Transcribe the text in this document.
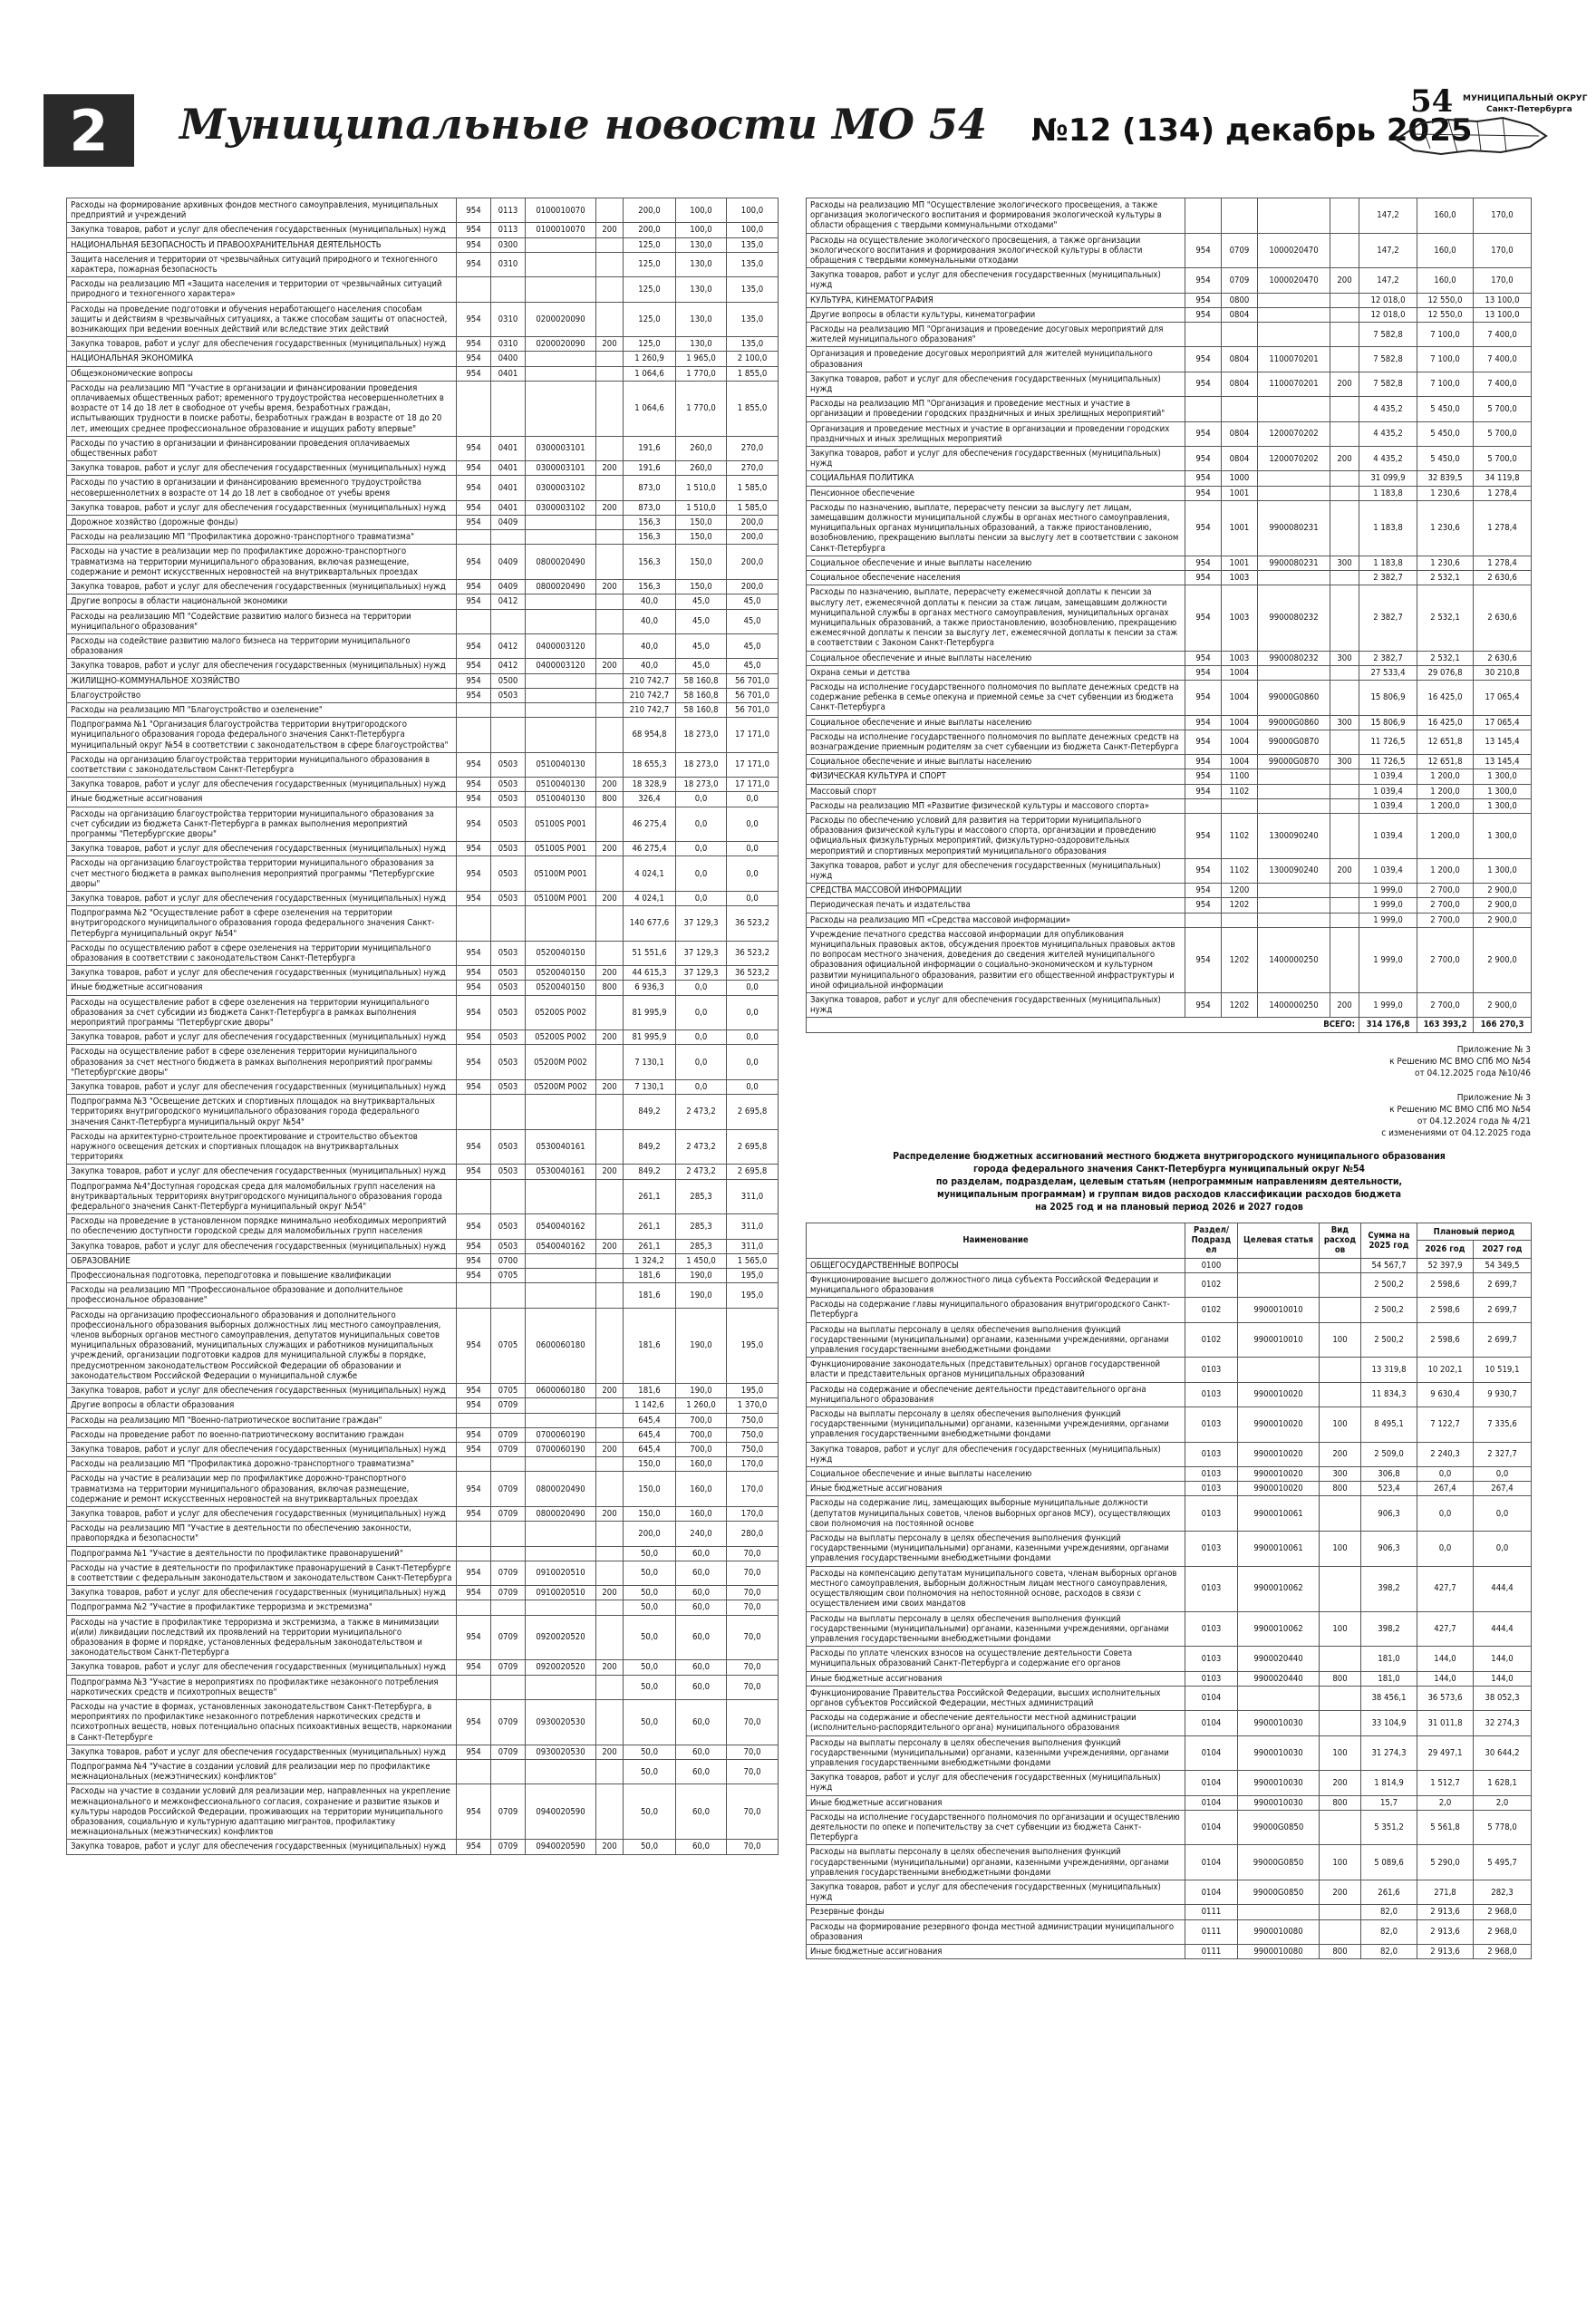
2	Муниципальные новости МО 54 №12 (134) декабрь 2025
54 МУНИЦИПАЛЬНЫЙ ОКРУГ
Санкт-Петербурга
Расходы на формирование архивных фондов местного самоуправления, муниципальных предприятий и учреждений	954	0113	0100010070		200,0	100,0	100,0
Закупка товаров, работ и услуг для обеспечения государственных (муниципальных) нужд	954	0113	0100010070	200	200,0	100,0	100,0
НАЦИОНАЛЬНАЯ БЕЗОПАСНОСТЬ И ПРАВООХРАНИТЕЛЬНАЯ ДЕЯТЕЛЬНОСТЬ	954	0300			125,0	130,0	135,0
Защита населения и территории от чрезвычайных ситуаций природного и техногенного характера, пожарная безопасность	954	0310			125,0	130,0	135,0
Расходы на реализацию МП «Защита населения и территории от чрезвычайных ситуаций природного и техногенного характера»					125,0	130,0	135,0
Расходы на проведение подготовки и обучения неработающего населения способам защиты и действиям в чрезвычайных ситуациях, а также способам защиты от опасностей, возникающих при ведении военных действий или вследствие этих действий	954	0310	0200020090		125,0	130,0	135,0
Закупка товаров, работ и услуг для обеспечения государственных (муниципальных) нужд	954	0310	0200020090	200	125,0	130,0	135,0
НАЦИОНАЛЬНАЯ ЭКОНОМИКА	954	0400			1 260,9	1 965,0	2 100,0
Общеэкономические вопросы	954	0401			1 064,6	1 770,0	1 855,0
Расходы на реализацию МП "Участие в организации и финансировании проведения оплачиваемых общественных работ; временного трудоустройства несовершеннолетних в возрасте от 14 до 18 лет в свободное от учебы время, безработных граждан, испытывающих трудности в поиске работы, безработных граждан в возрасте от 18 до 20 лет, имеющих среднее профессиональное образование и ищущих работу впервые"					1 064,6	1 770,0	1 855,0
Расходы по участию в организации и финансировании проведения оплачиваемых общественных работ	954	0401	0300003101		191,6	260,0	270,0
Закупка товаров, работ и услуг для обеспечения государственных (муниципальных) нужд	954	0401	0300003101	200	191,6	260,0	270,0
Расходы по участию в организации и финансированию временного трудоустройства несовершеннолетних в возрасте от 14 до 18 лет в свободное от учебы время	954	0401	0300003102		873,0	1 510,0	1 585,0
Закупка товаров, работ и услуг для обеспечения государственных (муниципальных) нужд	954	0401	0300003102	200	873,0	1 510,0	1 585,0
Дорожное хозяйство (дорожные фонды)	954	0409			156,3	150,0	200,0
Расходы на реализацию МП "Профилактика дорожно-транспортного травматизма"					156,3	150,0	200,0
Расходы на участие в реализации мер по профилактике дорожно-транспортного травматизма на территории муниципального образования, включая размещение, содержание и ремонт искусственных неровностей на внутриквартальных проездах	954	0409	0800020490		156,3	150,0	200,0
Закупка товаров, работ и услуг для обеспечения государственных (муниципальных) нужд	954	0409	0800020490	200	156,3	150,0	200,0
Другие вопросы в области национальной экономики	954	0412			40,0	45,0	45,0
Расходы на реализацию МП "Содействие развитию малого бизнеса на территории муниципального образования"					40,0	45,0	45,0
Расходы на содействие развитию малого бизнеса на территории муниципального образования	954	0412	0400003120		40,0	45,0	45,0
Закупка товаров, работ и услуг для обеспечения государственных (муниципальных) нужд	954	0412	0400003120	200	40,0	45,0	45,0
ЖИЛИЩНО-КОММУНАЛЬНОЕ ХОЗЯЙСТВО	954	0500			210 742,7	58 160,8	56 701,0
Благоустройство	954	0503			210 742,7	58 160,8	56 701,0
Расходы на реализацию МП "Благоустройство и озеленение"					210 742,7	58 160,8	56 701,0
Подпрограмма №1 "Организация благоустройства территории внутригородского муниципального образования города федерального значения Санкт-Петербурга муниципальный округ №54 в соответствии с законодательством в сфере благоустройства"					68 954,8	18 273,0	17 171,0
Расходы на организацию благоустройства территории муниципального образования в соответствии с законодательством Санкт-Петербурга	954	0503	0510040130		18 655,3	18 273,0	17 171,0
Закупка товаров, работ и услуг для обеспечения государственных (муниципальных) нужд	954	0503	0510040130	200	18 328,9	18 273,0	17 171,0
Иные бюджетные ассигнования	954	0503	0510040130	800	326,4	0,0	0,0
Расходы на организацию благоустройства территории муниципального образования за счет субсидии из бюджета Санкт-Петербурга в рамках выполнения мероприятий программы "Петербургские дворы"	954	0503	05100S P001		46 275,4	0,0	0,0
Закупка товаров, работ и услуг для обеспечения государственных (муниципальных) нужд	954	0503	05100S P001	200	46 275,4	0,0	0,0
Расходы на организацию благоустройства территории муниципального образования за счет местного бюджета в рамках выполнения мероприятий программы "Петербургские дворы"	954	0503	05100M P001		4 024,1	0,0	0,0
Закупка товаров, работ и услуг для обеспечения государственных (муниципальных) нужд	954	0503	05100M P001	200	4 024,1	0,0	0,0
Подпрограмма №2 "Осуществление работ в сфере озеленения на территории внутригородского муниципального образования города федерального значения Санкт-Петербурга муниципальный округ №54"					140 677,6	37 129,3	36 523,2
Расходы по осуществлению работ в сфере озеленения на территории муниципального образования в соответствии с законодательством Санкт-Петербурга	954	0503	0520040150		51 551,6	37 129,3	36 523,2
Закупка товаров, работ и услуг для обеспечения государственных (муниципальных) нужд	954	0503	0520040150	200	44 615,3	37 129,3	36 523,2
Иные бюджетные ассигнования	954	0503	0520040150	800	6 936,3	0,0	0,0
Расходы на осуществление работ в сфере озеленения на территории муниципального образования за счет субсидии из бюджета Санкт-Петербурга в рамках выполнения мероприятий программы "Петербургские дворы"	954	0503	05200S P002		81 995,9	0,0	0,0
Закупка товаров, работ и услуг для обеспечения государственных (муниципальных) нужд	954	0503	05200S P002	200	81 995,9	0,0	0,0
Расходы на осуществление работ в сфере озеленения территории муниципального образования за счет местного бюджета в рамках выполнения мероприятий программы "Петербургские дворы"	954	0503	05200M P002		7 130,1	0,0	0,0
Закупка товаров, работ и услуг для обеспечения государственных (муниципальных) нужд	954	0503	05200M P002	200	7 130,1	0,0	0,0
Подпрограмма №3 "Освещение детских и спортивных площадок на внутриквартальных территориях внутригородского муниципального образования города федерального значения Санкт-Петербурга муниципальный округ №54"					849,2	2 473,2	2 695,8
Расходы на архитектурно-строительное проектирование и строительство объектов наружного освещения детских и спортивных площадок на внутриквартальных территориях	954	0503	0530040161		849,2	2 473,2	2 695,8
Закупка товаров, работ и услуг для обеспечения государственных (муниципальных) нужд	954	0503	0530040161	200	849,2	2 473,2	2 695,8
Подпрограмма №4"Доступная городская среда для маломобильных групп населения на внутриквартальных территориях внутригородского муниципального образования города федерального значения Санкт-Петербурга муниципальный округ №54"					261,1	285,3	311,0
Расходы на проведение в установленном порядке минимально необходимых мероприятий по обеспечению доступности городской среды для маломобильных групп населения	954	0503	0540040162		261,1	285,3	311,0
Закупка товаров, работ и услуг для обеспечения государственных (муниципальных) нужд	954	0503	0540040162	200	261,1	285,3	311,0
ОБРАЗОВАНИЕ	954	0700			1 324,2	1 450,0	1 565,0
Профессиональная подготовка, переподготовка и повышение квалификации	954	0705			181,6	190,0	195,0
Расходы на реализацию МП "Профессиональное образование и дополнительное профессиональное образование"					181,6	190,0	195,0
Расходы на организацию профессионального образования и дополнительного профессионального образования выборных должностных лиц местного самоуправления, членов выборных органов местного самоуправления, депутатов муниципальных советов муниципальных образований, муниципальных служащих и работников муниципальных учреждений, организации подготовки кадров для муниципальной службы в порядке, предусмотренном законодательством Российской Федерации об образовании и законодательством Российской Федерации о муниципальной службе	954	0705	0600060180		181,6	190,0	195,0
Закупка товаров, работ и услуг для обеспечения государственных (муниципальных) нужд	954	0705	0600060180	200	181,6	190,0	195,0
Другие вопросы в области образования	954	0709			1 142,6	1 260,0	1 370,0
Расходы на реализацию МП "Военно-патриотическое воспитание граждан"					645,4	700,0	750,0
Расходы на проведение работ по военно-патриотическому воспитанию граждан	954	0709	0700060190		645,4	700,0	750,0
Закупка товаров, работ и услуг для обеспечения государственных (муниципальных) нужд	954	0709	0700060190	200	645,4	700,0	750,0
Расходы на реализацию МП "Профилактика дорожно-транспортного травматизма"					150,0	160,0	170,0
Расходы на участие в реализации мер по профилактике дорожно-транспортного травматизма на территории муниципального образования, включая размещение, содержание и ремонт искусственных неровностей на внутриквартальных проездах	954	0709	0800020490		150,0	160,0	170,0
Закупка товаров, работ и услуг для обеспечения государственных (муниципальных) нужд	954	0709	0800020490	200	150,0	160,0	170,0
Расходы на реализацию МП "Участие в деятельности по обеспечению законности, правопорядка и безопасности"					200,0	240,0	280,0
Подпрограмма №1 "Участие в деятельности по профилактике правонарушений"					50,0	60,0	70,0
Расходы на участие в деятельности по профилактике правонарушений в Санкт-Петербурге в соответствии с федеральным законодательством и законодательством Санкт-Петербурга	954	0709	0910020510		50,0	60,0	70,0
Закупка товаров, работ и услуг для обеспечения государственных (муниципальных) нужд	954	0709	0910020510	200	50,0	60,0	70,0
Подпрограмма №2 "Участие в профилактике терроризма и экстремизма"					50,0	60,0	70,0
Расходы на участие в профилактике терроризма и экстремизма, а также в минимизации и(или) ликвидации последствий их проявлений на территории муниципального образования в форме и порядке, установленных федеральным законодательством и законодательством Санкт-Петербурга	954	0709	0920020520		50,0	60,0	70,0
Закупка товаров, работ и услуг для обеспечения государственных (муниципальных) нужд	954	0709	0920020520	200	50,0	60,0	70,0
Подпрограмма №3 "Участие в мероприятиях по профилактике незаконного потребления наркотических средств и психотропных веществ"					50,0	60,0	70,0
Расходы на участие в формах, установленных законодательством Санкт-Петербурга, в мероприятиях по профилактике незаконного потребления наркотических средств и психотропных веществ, новых потенциально опасных психоактивных веществ, наркомании в Санкт-Петербурге	954	0709	0930020530		50,0	60,0	70,0
Закупка товаров, работ и услуг для обеспечения государственных (муниципальных) нужд	954	0709	0930020530	200	50,0	60,0	70,0
Подпрограмма №4 "Участие в создании условий для реализации мер по профилактике межнациональных (межэтнических) конфликтов"					50,0	60,0	70,0
Расходы на участие в создании условий для реализации мер, направленных на укрепление межнационального и межконфессионального согласия, сохранение и развитие языков и культуры народов Российской Федерации, проживающих на территории муниципального образования, социальную и культурную адаптацию мигрантов, профилактику межнациональных (межэтнических) конфликтов	954	0709	0940020590		50,0	60,0	70,0
Закупка товаров, работ и услуг для обеспечения государственных (муниципальных) нужд	954	0709	0940020590	200	50,0	60,0	70,0
Расходы на реализацию МП "Осуществление экологического просвещения, а также организация экологического воспитания и формирования экологической культуры в области обращения с твердыми коммунальными отходами"					147,2	160,0	170,0
Расходы на осуществление экологического просвещения, а также организации экологического воспитания и формирования экологической культуры в области обращения с твердыми коммунальными отходами	954	0709	1000020470		147,2	160,0	170,0
Закупка товаров, работ и услуг для обеспечения государственных (муниципальных) нужд	954	0709	1000020470	200	147,2	160,0	170,0
КУЛЬТУРА, КИНЕМАТОГРАФИЯ	954	0800			12 018,0	12 550,0	13 100,0
Другие вопросы в области культуры, кинематографии	954	0804			12 018,0	12 550,0	13 100,0
Расходы на реализацию МП "Организация и проведение досуговых мероприятий для жителей муниципального образования"					7 582,8	7 100,0	7 400,0
Организация и проведение досуговых мероприятий для жителей муниципального образования	954	0804	1100070201		7 582,8	7 100,0	7 400,0
Закупка товаров, работ и услуг для обеспечения государственных (муниципальных) нужд	954	0804	1100070201	200	7 582,8	7 100,0	7 400,0
Расходы на реализацию МП "Организация и проведение местных и участие в организации и проведении городских праздничных и иных зрелищных мероприятий"					4 435,2	5 450,0	5 700,0
Организация и проведение местных и участие в организации и проведении городских праздничных и иных зрелищных мероприятий	954	0804	1200070202		4 435,2	5 450,0	5 700,0
Закупка товаров, работ и услуг для обеспечения государственных (муниципальных) нужд	954	0804	1200070202	200	4 435,2	5 450,0	5 700,0
СОЦИАЛЬНАЯ ПОЛИТИКА	954	1000			31 099,9	32 839,5	34 119,8
Пенсионное обеспечение	954	1001			1 183,8	1 230,6	1 278,4
Расходы по назначению, выплате, перерасчету пенсии за выслугу лет лицам, замещавшим должности муниципальной службы в органах местного самоуправления, муниципальных органах муниципальных образований, а также приостановлению, возобновлению, прекращению выплаты пенсии за выслугу лет в соответствии с законом Санкт-Петербурга	954	1001	9900080231		1 183,8	1 230,6	1 278,4
Социальное обеспечение и иные выплаты населению	954	1001	9900080231	300	1 183,8	1 230,6	1 278,4
Социальное обеспечение населения	954	1003			2 382,7	2 532,1	2 630,6
Расходы по назначению, выплате, перерасчету ежемесячной доплаты к пенсии за выслугу лет, ежемесячной доплаты к пенсии за стаж лицам, замещавшим должности муниципальной службы в органах местного самоуправления, муниципальных органах муниципальных образований, а также приостановлению, возобновлению, прекращению ежемесячной доплаты к пенсии за выслугу лет, ежемесячной доплаты к пенсии за стаж в соответствии с Законом Санкт-Петербурга	954	1003	9900080232		2 382,7	2 532,1	2 630,6
Социальное обеспечение и иные выплаты населению	954	1003	9900080232	300	2 382,7	2 532,1	2 630,6
Охрана семьи и детства	954	1004			27 533,4	29 076,8	30 210,8
Расходы на исполнение государственного полномочия по выплате денежных средств на содержание ребенка в семье опекуна и приемной семье за счет субвенции из бюджета Санкт-Петербурга	954	1004	99000G0860		15 806,9	16 425,0	17 065,4
Социальное обеспечение и иные выплаты населению	954	1004	99000G0860	300	15 806,9	16 425,0	17 065,4
Расходы на исполнение государственного полномочия по выплате денежных средств на вознаграждение приемным родителям за счет субвенции из бюджета Санкт-Петербурга	954	1004	99000G0870		11 726,5	12 651,8	13 145,4
Социальное обеспечение и иные выплаты населению	954	1004	99000G0870	300	11 726,5	12 651,8	13 145,4
ФИЗИЧЕСКАЯ КУЛЬТУРА И СПОРТ	954	1100			1 039,4	1 200,0	1 300,0
Массовый спорт	954	1102			1 039,4	1 200,0	1 300,0
Расходы на реализацию МП «Развитие физической культуры и массового спорта»					1 039,4	1 200,0	1 300,0
Расходы по обеспечению условий для развития на территории муниципального образования физической культуры и массового спорта, организации и проведению официальных физкультурных мероприятий, физкультурно-оздоровительных мероприятий и спортивных мероприятий муниципального образования	954	1102	1300090240		1 039,4	1 200,0	1 300,0
Закупка товаров, работ и услуг для обеспечения государственных (муниципальных) нужд	954	1102	1300090240	200	1 039,4	1 200,0	1 300,0
СРЕДСТВА МАССОВОЙ ИНФОРМАЦИИ	954	1200			1 999,0	2 700,0	2 900,0
Периодическая печать и издательства	954	1202			1 999,0	2 700,0	2 900,0
Расходы на реализацию МП «Средства массовой информации»					1 999,0	2 700,0	2 900,0
Учреждение печатного средства массовой информации для опубликования муниципальных правовых актов, обсуждения проектов муниципальных правовых актов по вопросам местного значения, доведения до сведения жителей муниципального образования официальной информации о социально-экономическом и культурном развитии муниципального образования, развитии его общественной инфраструктуры и иной официальной информации	954	1202	1400000250		1 999,0	2 700,0	2 900,0
Закупка товаров, работ и услуг для обеспечения государственных (муниципальных) нужд	954	1202	1400000250	200	1 999,0	2 700,0	2 900,0
ВСЕГО:					314 176,8	163 393,2	166 270,3
Приложение № 3
к Решению МС ВМО СПб МО №54
от 04.12.2025 года №10/46
Приложение № 3
к Решению МС ВМО СПб МО №54
от 04.12.2024 года № 4/21
с изменениями от 04.12.2025 года
Распределение бюджетных ассигнований местного бюджета внутригородского муниципального образования
города федерального значения Санкт-Петербурга муниципальный округ №54
по разделам, подразделам, целевым статьям (непрограммным направлениям деятельности,
муниципальным программам) и группам видов расходов классификации расходов бюджета
на 2025 год и на плановый период 2026 и 2027 годов
Наименование	Раздел/ Подраздел	Целевая статья	Вид расходов	Сумма на 2025 год	Плановый период	
					2026 год	2027 год
ОБЩЕГОСУДАРСТВЕННЫЕ ВОПРОСЫ	0100			54 567,7	52 397,9	54 349,5
Функционирование высшего должностного лица субъекта Российской Федерации и муниципального образования	0102			2 500,2	2 598,6	2 699,7
Расходы на содержание главы муниципального образования внутригородского Санкт-Петербурга	0102	9900010010		2 500,2	2 598,6	2 699,7
Расходы на выплаты персоналу в целях обеспечения выполнения функций государственными (муниципальными) органами, казенными учреждениями, органами управления государственными внебюджетными фондами	0102	9900010010	100	2 500,2	2 598,6	2 699,7
Функционирование законодательных (представительных) органов государственной власти и представительных органов муниципальных образований	0103			13 319,8	10 202,1	10 519,1
Расходы на содержание и обеспечение деятельности представительного органа муниципального образования	0103	9900010020		11 834,3	9 630,4	9 930,7
Расходы на выплаты персоналу в целях обеспечения выполнения функций государственными (муниципальными) органами, казенными учреждениями, органами управления государственными внебюджетными фондами	0103	9900010020	100	8 495,1	7 122,7	7 335,6
Закупка товаров, работ и услуг для обеспечения государственных (муниципальных) нужд	0103	9900010020	200	2 509,0	2 240,3	2 327,7
Социальное обеспечение и иные выплаты населению	0103	9900010020	300	306,8	0,0	0,0
Иные бюджетные ассигнования	0103	9900010020	800	523,4	267,4	267,4
Расходы на содержание лиц, замещающих выборные муниципальные должности (депутатов муниципальных советов, членов выборных органов МСУ), осуществляющих свои полномочия на постоянной основе	0103	9900010061		906,3	0,0	0,0
Расходы на выплаты персоналу в целях обеспечения выполнения функций государственными (муниципальными) органами, казенными учреждениями, органами управления государственными внебюджетными фондами	0103	9900010061	100	906,3	0,0	0,0
Расходы на компенсацию депутатам муниципального совета, членам выборных органов местного самоуправления, выборным должностным лицам местного самоуправления, осуществляющим свои полномочия на непостоянной основе, расходов в связи с осуществлением ими своих мандатов	0103	9900010062		398,2	427,7	444,4
Расходы на выплаты персоналу в целях обеспечения выполнения функций государственными (муниципальными) органами, казенными учреждениями, органами управления государственными внебюджетными фондами	0103	9900010062	100	398,2	427,7	444,4
Расходы по уплате членских взносов на осуществление деятельности Совета муниципальных образований Санкт-Петербурга и содержание его органов	0103	9900020440		181,0	144,0	144,0
Иные бюджетные ассигнования	0103	9900020440	800	181,0	144,0	144,0
Функционирование Правительства Российской Федерации, высших исполнительных органов субъектов Российской Федерации, местных администраций	0104			38 456,1	36 573,6	38 052,3
Расходы на содержание и обеспечение деятельности местной администрации (исполнительно-распорядительного органа) муниципального образования	0104	9900010030		33 104,9	31 011,8	32 274,3
Расходы на выплаты персоналу в целях обеспечения выполнения функций государственными (муниципальными) органами, казенными учреждениями, органами управления государственными внебюджетными фондами	0104	9900010030	100	31 274,3	29 497,1	30 644,2
Закупка товаров, работ и услуг для обеспечения государственных (муниципальных) нужд	0104	9900010030	200	1 814,9	1 512,7	1 628,1
Иные бюджетные ассигнования	0104	9900010030	800	15,7	2,0	2,0
Расходы на исполнение государственного полномочия по организации и осуществлению деятельности по опеке и попечительству за счет субвенции из бюджета Санкт-Петербурга	0104	99000G0850		5 351,2	5 561,8	5 778,0
Расходы на выплаты персоналу в целях обеспечения выполнения функций государственными (муниципальными) органами, казенными учреждениями, органами управления государственными внебюджетными фондами	0104	99000G0850	100	5 089,6	5 290,0	5 495,7
Закупка товаров, работ и услуг для обеспечения государственных (муниципальных) нужд	0104	99000G0850	200	261,6	271,8	282,3
Резервные фонды	0111			82,0	2 913,6	2 968,0
Расходы на формирование резервного фонда местной администрации муниципального образования	0111	9900010080		82,0	2 913,6	2 968,0
Иные бюджетные ассигнования	0111	9900010080	800	82,0	2 913,6	2 968,0
